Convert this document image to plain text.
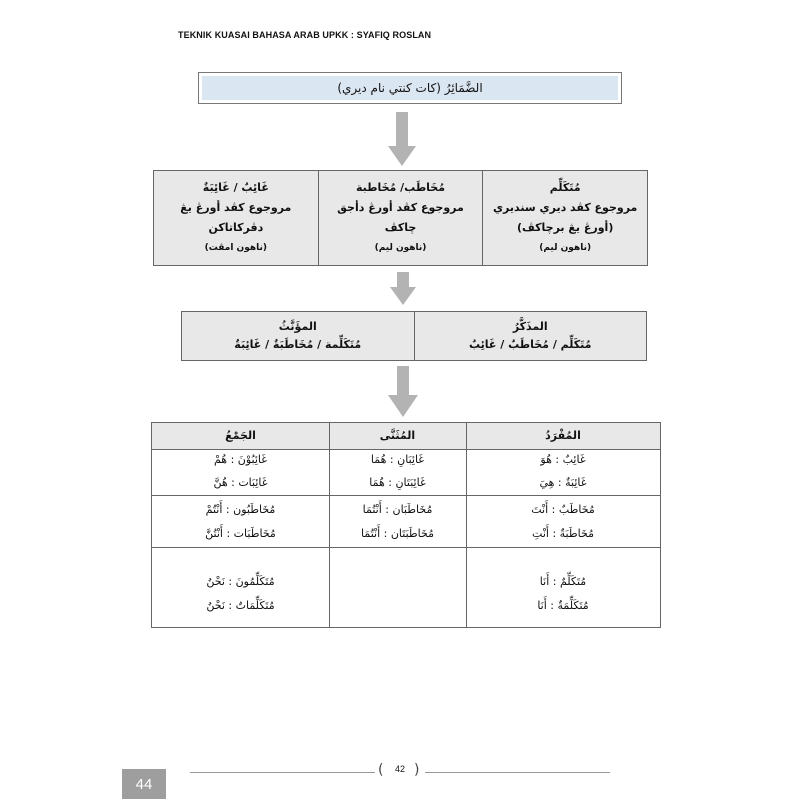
TEKNIK KUASAI BAHASA ARAB UPKK : SYAFIQ ROSLAN
الضَّمَائِرُ (كات كنتي نام ديري)
مُتَكَلِّم
مروجوع كڤد ديري سنديري
(أورڠ يڠ برچاكڤ)
(ناهون ليم)
مُخَاطَب/ مُخَاطبة
مروجوع كڤد أورڠ دأجق
چاكڤ
(ناهون ليم)
غَائِبٌ / غَائِبَةٌ
مروجوع كڤد أورڠ يڠ
دڤركاتاكن
(ناهون امڤت)
المذَكَّرُ
مُتَكَلِّم / مُخَاطَبٌ / غَائِبٌ
المؤَنَّثُ
مُتَكَلِّمة / مُخَاطَبَةٌ / غَائِبَةٌ
المُفْرَدُ
المُثَنَّى
الجَمْعُ
غَائِبٌ : هُوَ
غَائِبَانِ : هُمَا
غَائِبُوْنَ : هُمْ
غَائِبَةٌ : هِيَ
غَائِبَتَانِ : هُمَا
غَائِبَات : هُنَّ
مُخَاطَبٌ : أَنْتَ
مُخَاطَبَان : أَنْتُمَا
مُخَاطَبُون : أَنْتُمْ
مُخَاطَبَةٌ : أَنْتِ
مُخَاطَبَتَان : أَنْتُمَا
مُخَاطَبَات : أَنْتُنَّ
مُتَكَلِّمٌ : أَنَا
مُتَكَلِّمُونَ : نَحْنُ
مُتَكَلِّمَةٌ : أَنَا
مُتَكَلِّمَاتٌ : نَحْنُ
( )
42
44
